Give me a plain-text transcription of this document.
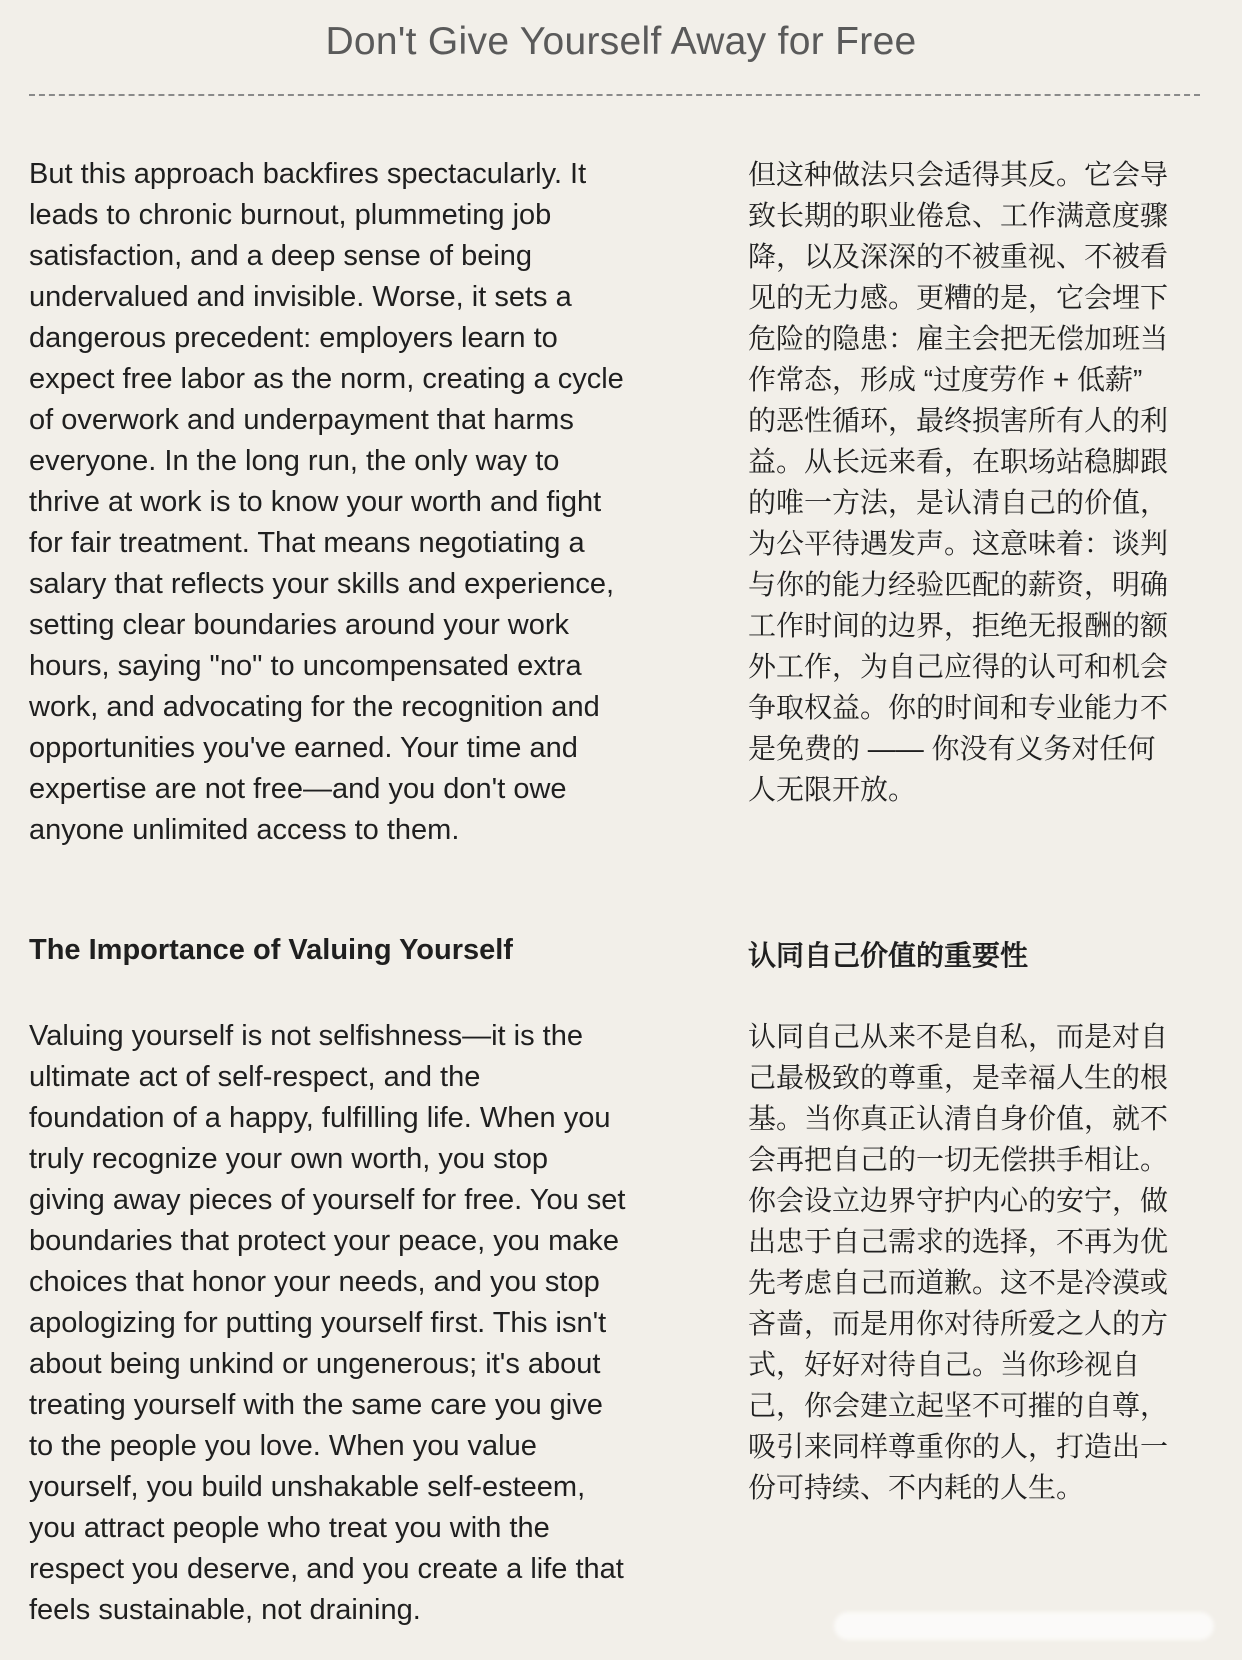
Don't Give Yourself Away for Free
But this approach backfires spectacularly. It
leads to chronic burnout, plummeting job
satisfaction, and a deep sense of being
undervalued and invisible. Worse, it sets a
dangerous precedent: employers learn to
expect free labor as the norm, creating a cycle
of overwork and underpayment that harms
everyone. In the long run, the only way to
thrive at work is to know your worth and fight
for fair treatment. That means negotiating a
salary that reflects your skills and experience,
setting clear boundaries around your work
hours, saying "no" to uncompensated extra
work, and advocating for the recognition and
opportunities you've earned. Your time and
expertise are not free—and you don't owe
anyone unlimited access to them.
The Importance of Valuing Yourself
Valuing yourself is not selfishness—it is the
ultimate act of self-respect, and the
foundation of a happy, fulfilling life. When you
truly recognize your own worth, you stop
giving away pieces of yourself for free. You set
boundaries that protect your peace, you make
choices that honor your needs, and you stop
apologizing for putting yourself first. This isn't
about being unkind or ungenerous; it's about
treating yourself with the same care you give
to the people you love. When you value
yourself, you build unshakable self-esteem,
you attract people who treat you with the
respect you deserve, and you create a life that
feels sustainable, not draining.
但这种做法只会适得其反。它会导
致长期的职业倦怠、工作满意度骤
降，以及深深的不被重视、不被看
见的无力感。更糟的是，它会埋下
危险的隐患：雇主会把无偿加班当
作常态，形成 “过度劳作 + 低薪”
的恶性循环，最终损害所有人的利
益。从长远来看，在职场站稳脚跟
的唯一方法，是认清自己的价值，
为公平待遇发声。这意味着：谈判
与你的能力经验匹配的薪资，明确
工作时间的边界，拒绝无报酬的额
外工作，为自己应得的认可和机会
争取权益。你的时间和专业能力不
是免费的 —— 你没有义务对任何
人无限开放。
认同自己价值的重要性
认同自己从来不是自私，而是对自
己最极致的尊重，是幸福人生的根
基。当你真正认清自身价值，就不
会再把自己的一切无偿拱手相让。
你会设立边界守护内心的安宁，做
出忠于自己需求的选择，不再为优
先考虑自己而道歉。这不是冷漠或
吝啬，而是用你对待所爱之人的方
式，好好对待自己。当你珍视自
己，你会建立起坚不可摧的自尊，
吸引来同样尊重你的人，打造出一
份可持续、不内耗的人生。
